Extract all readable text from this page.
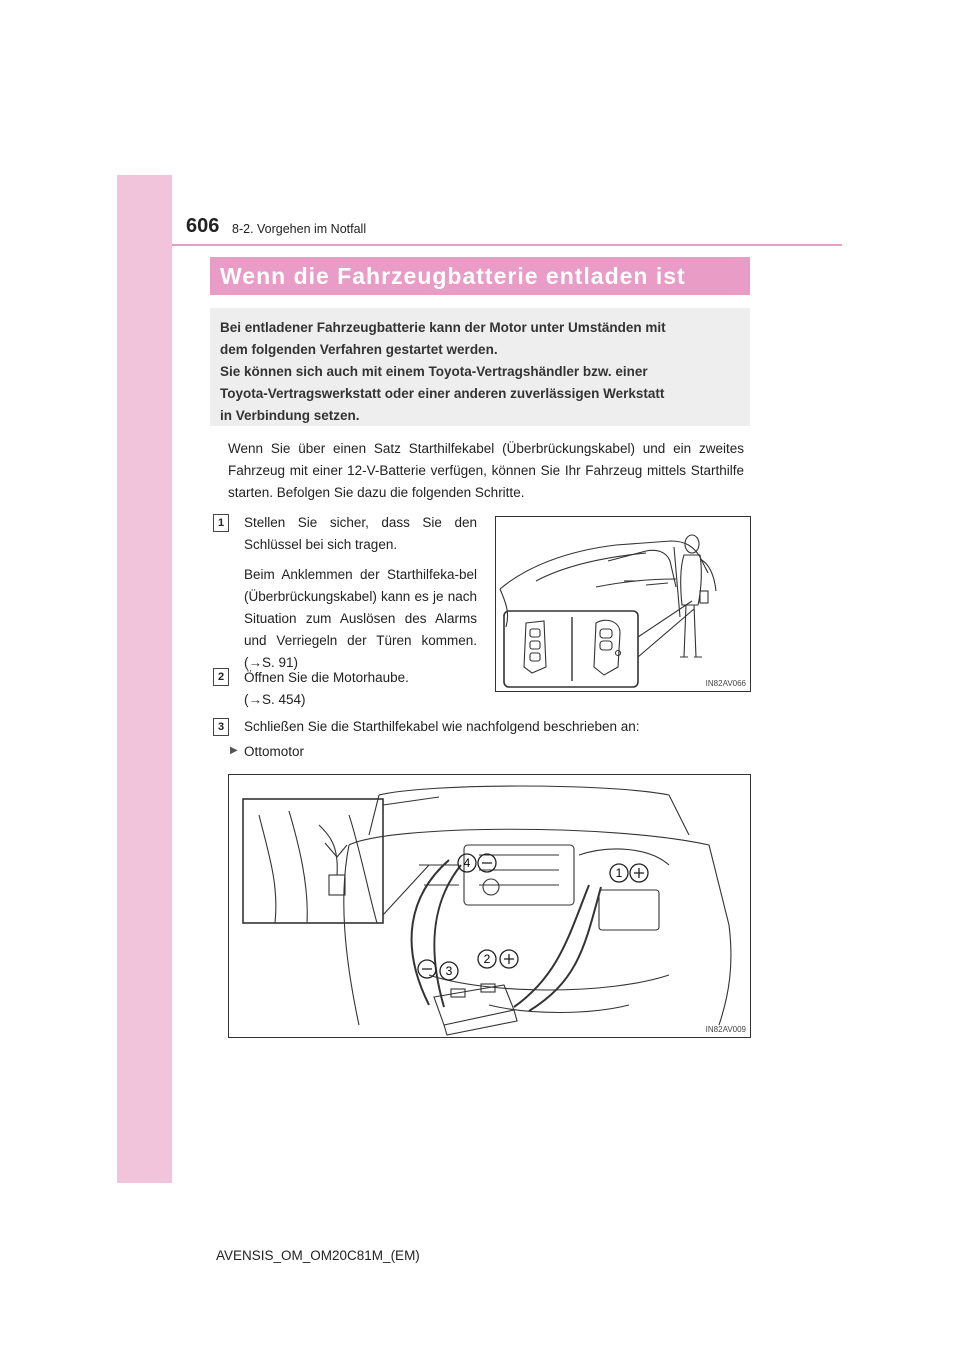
606 8-2. Vorgehen im Notfall
Wenn die Fahrzeugbatterie entladen ist
Bei entladener Fahrzeugbatterie kann der Motor unter Umständen mit
dem folgenden Verfahren gestartet werden.
Sie können sich auch mit einem Toyota-Vertragshändler bzw. einer
Toyota-Vertragswerkstatt oder einer anderen zuverlässigen Werkstatt
in Verbindung setzen.
Wenn Sie über einen Satz Starthilfekabel (Überbrückungskabel) und ein zweites Fahrzeug mit einer 12-V-Batterie verfügen, können Sie Ihr Fahrzeug mittels Starthilfe starten. Befolgen Sie dazu die folgenden Schritte.
1	Stellen Sie sicher, dass Sie den Schlüssel bei sich tragen.
Beim Anklemmen der Starthilfeka-bel (Überbrückungskabel) kann es je nach Situation zum Auslösen des Alarms und Verriegeln der Türen kommen. (→S. 91)
IN82AV066
2	Öffnen Sie die Motorhaube.
(→S. 454)
3	Schließen Sie die Starthilfekabel wie nachfolgend beschrieben an:
▶ Ottomotor
4
1
2
3
IN82AV009
AVENSIS_OM_OM20C81M_(EM)
